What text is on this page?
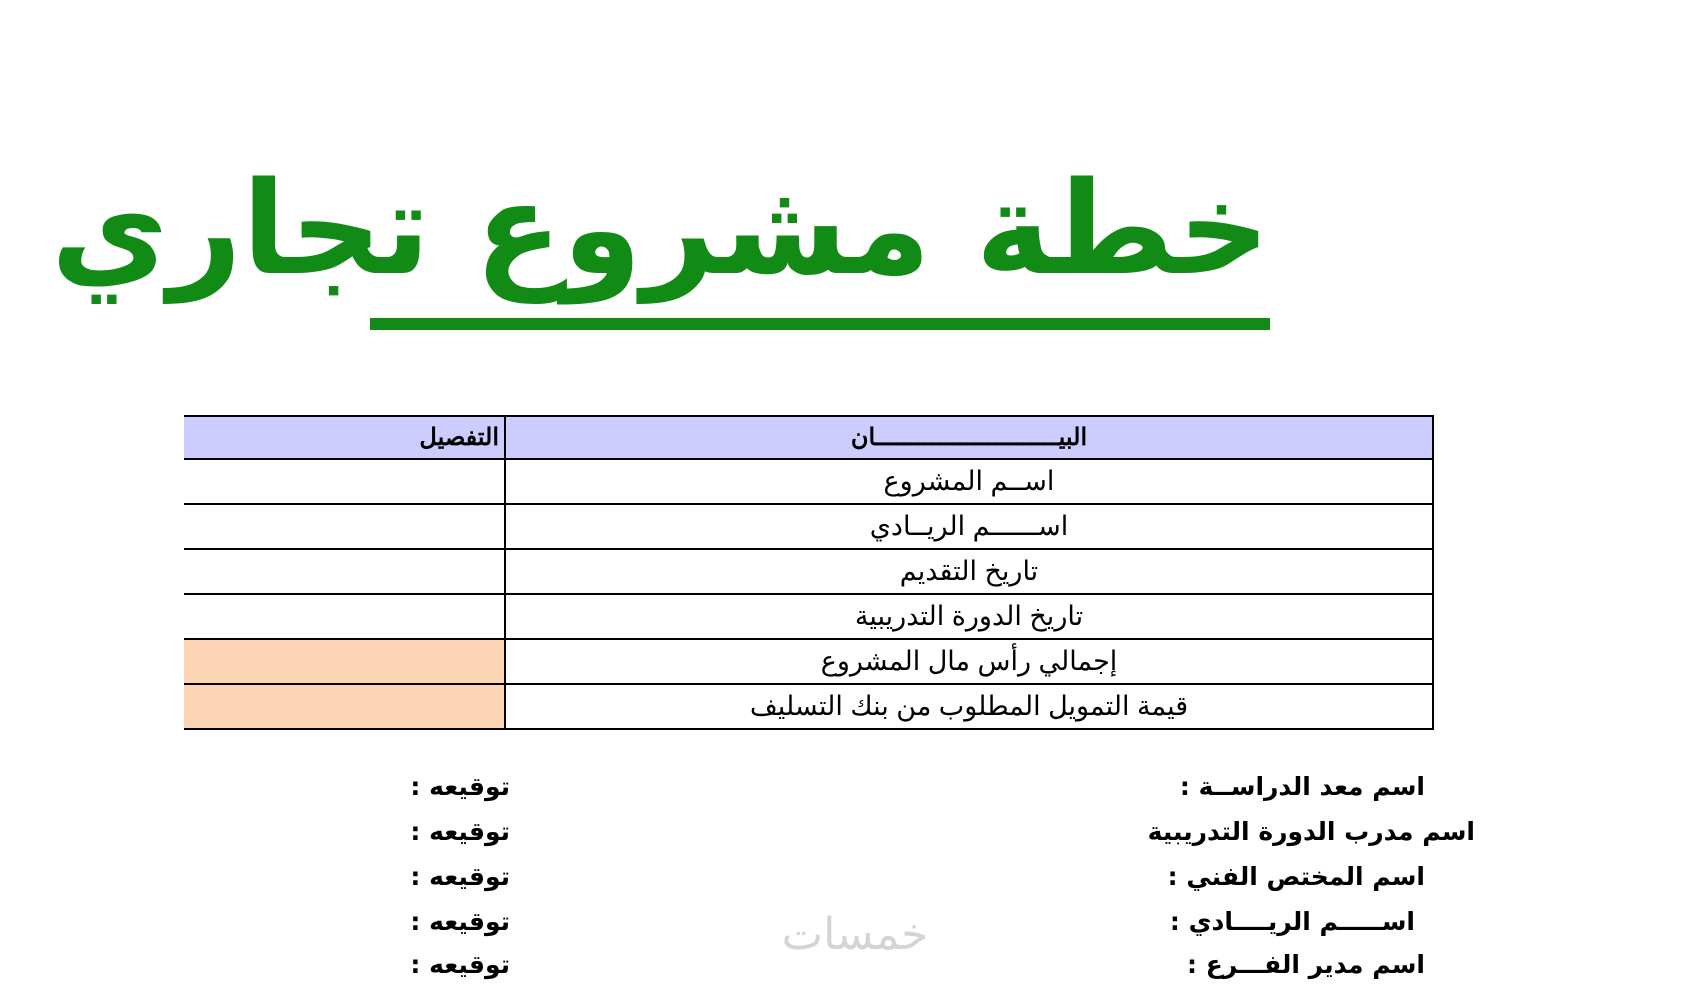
خطة مشروع تجاري
البيــــــــــــــــــــــــــان
التفصيل
اســم المشروع
اســــــم الريــادي
تاريخ التقديم
تاريخ الدورة التدريبية
إجمالي رأس مال المشروع
قيمة التمويل المطلوب من بنك التسليف
اسم معد الدراســة :
توقيعه :
اسم مدرب الدورة التدريبية
توقيعه :
اسم المختص الفني :
توقيعه :
اســـــم الريــــادي :
توقيعه :
اسم مدير الفـــرع :
توقيعه :
خمسات
